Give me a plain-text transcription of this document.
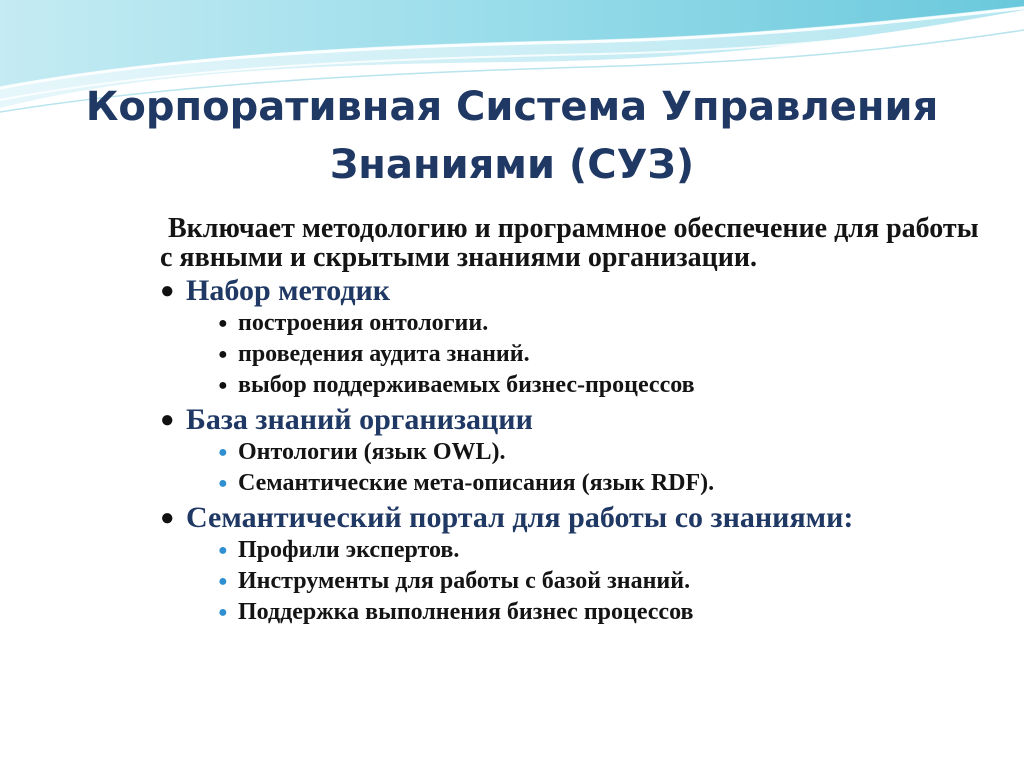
Корпоративная Система Управления
Знаниями (СУЗ)

Включает методологию и программное обеспечение для работы с явными и скрытыми знаниями организации.

● Набор методик
● построения онтологии.
● проведения аудита знаний.
● выбор поддерживаемых бизнес-процессов
● База знаний организации
● Онтологии (язык OWL).
● Семантические мета-описания (язык RDF).
● Семантический портал для работы со знаниями:
● Профили экспертов.
● Инструменты для работы с базой знаний.
● Поддержка выполнения бизнес процессов
